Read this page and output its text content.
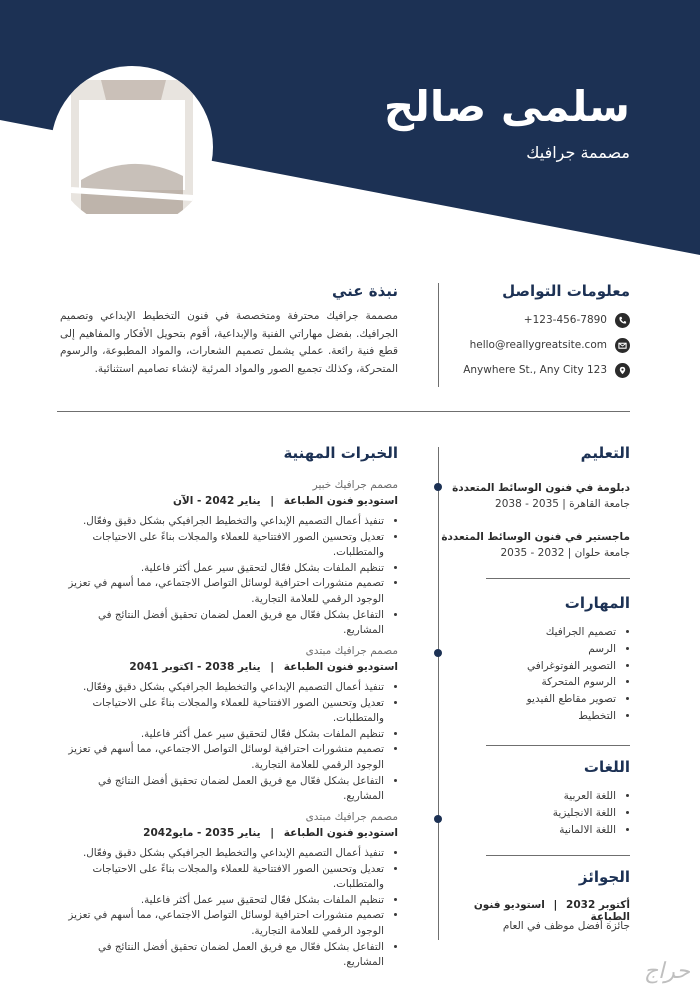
سلمى صالح
مصممة جرافيك
معلومات التواصل
123-456-7890+
hello@reallygreatsite.com
Anywhere St., Any City 123
نبذة عني
مصممة جرافيك محترفة ومتخصصة في فنون التخطيط الإبداعي وتصميم الجرافيك. بفضل مهاراتي الفنية والإبداعية، أقوم بتحويل الأفكار والمفاهيم إلى قطع فنية رائعة. عملي يشمل تصميم الشعارات، والمواد المطبوعة، والرسوم المتحركة، وكذلك تجميع الصور والمواد المرئية لإنشاء تصاميم استثنائية.
التعليم
دبلومة في فنون الوسائط المتعددة
جامعة القاهرة | 2035 - 2038
ماجستير في فنون الوسائط المتعددة
جامعة حلوان | 2032 - 2035
المهارات
• تصميم الجرافيك
• الرسم
• التصوير الفوتوغرافي
• الرسوم المتحركة
• تصوير مقاطع الفيديو
• التخطيط
اللغات
• اللغة العربية
• اللغة الانجليزية
• اللغة الالمانية
الجوائز
أكتوبر 2032 | استوديو فنون الطباعة
جائزة أفضل موظف في العام
الخبرات المهنية
مصمم جرافيك خبير
استوديو فنون الطباعة | يناير 2042 - الآن
• تنفيذ أعمال التصميم الإبداعي والتخطيط الجرافيكي بشكل دقيق وفعّال.
• تعديل وتحسين الصور الافتتاحية للعملاء والمجلات بناءً على الاحتياجات والمتطلبات.
• تنظيم الملفات بشكل فعّال لتحقيق سير عمل أكثر فاعلية.
• تصميم منشورات احترافية لوسائل التواصل الاجتماعي، مما أسهم في تعزيز الوجود الرقمي للعلامة التجارية.
• التفاعل بشكل فعّال مع فريق العمل لضمان تحقيق أفضل النتائج في المشاريع.
مصمم جرافيك مبتدى
استوديو فنون الطباعة | يناير 2038 - اكتوبر 2041
• تنفيذ أعمال التصميم الإبداعي والتخطيط الجرافيكي بشكل دقيق وفعّال.
• تعديل وتحسين الصور الافتتاحية للعملاء والمجلات بناءً على الاحتياجات والمتطلبات.
• تنظيم الملفات بشكل فعّال لتحقيق سير عمل أكثر فاعلية.
• تصميم منشورات احترافية لوسائل التواصل الاجتماعي، مما أسهم في تعزيز الوجود الرقمي للعلامة التجارية.
• التفاعل بشكل فعّال مع فريق العمل لضمان تحقيق أفضل النتائج في المشاريع.
مصمم جرافيك مبتدى
استوديو فنون الطباعة | يناير 2035 - مايو2042
• تنفيذ أعمال التصميم الإبداعي والتخطيط الجرافيكي بشكل دقيق وفعّال.
• تعديل وتحسين الصور الافتتاحية للعملاء والمجلات بناءً على الاحتياجات والمتطلبات.
• تنظيم الملفات بشكل فعّال لتحقيق سير عمل أكثر فاعلية.
• تصميم منشورات احترافية لوسائل التواصل الاجتماعي، مما أسهم في تعزيز الوجود الرقمي للعلامة التجارية.
• التفاعل بشكل فعّال مع فريق العمل لضمان تحقيق أفضل النتائج في المشاريع.	حراج
